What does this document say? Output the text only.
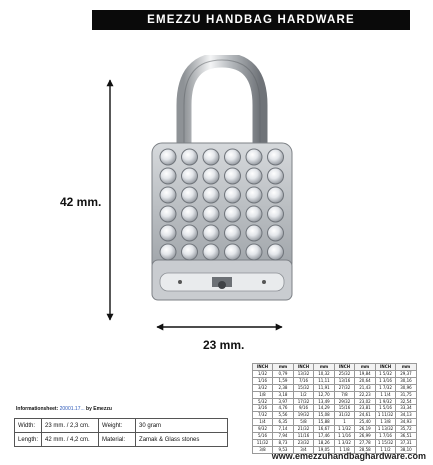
EMEZZU HANDBAG HARDWARE
42 mm.
23 mm.
Informationsheet: 20001.17... by Emezzu
Width:	23 mm. / 2,3 cm.	Weight:	30 gram
Length:	42 mm. / 4,2 cm.	Material:	Zamak & Glass stones
INCH	mm	INCH	mm	INCH	mm	INCH	mm
1/32	0,79	13/32	10,32	25/32	19,84	1 5/32	29,37
1/16	1,59	7/16	11,11	13/16	20,64	1 3/16	30,16
3/32	2,38	15/32	11,91	27/32	21,43	1 7/32	30,96
1/8	3,18	1/2	12,70	7/8	22,23	1 1/4	31,75
5/32	3,97	17/32	13,49	29/32	23,02	1 9/32	32,54
3/16	4,76	9/16	14,29	15/16	23,81	1 5/16	33,34
7/32	5,56	19/32	15,08	31/32	24,61	1 11/32	34,13
1/4	6,35	5/8	15,88	1	25,40	1 3/8	34,93
9/32	7,14	21/32	16,67	1 1/32	26,19	1 13/32	35,72
5/16	7,94	11/16	17,46	1 1/16	26,99	1 7/16	36,51
11/32	8,73	23/32	18,26	1 3/32	27,78	1 15/32	37,31
3/8	9,53	3/4	19,05	1 1/8	28,58	1 1/2	38,10
www.emezzuhandbaghardware.com
